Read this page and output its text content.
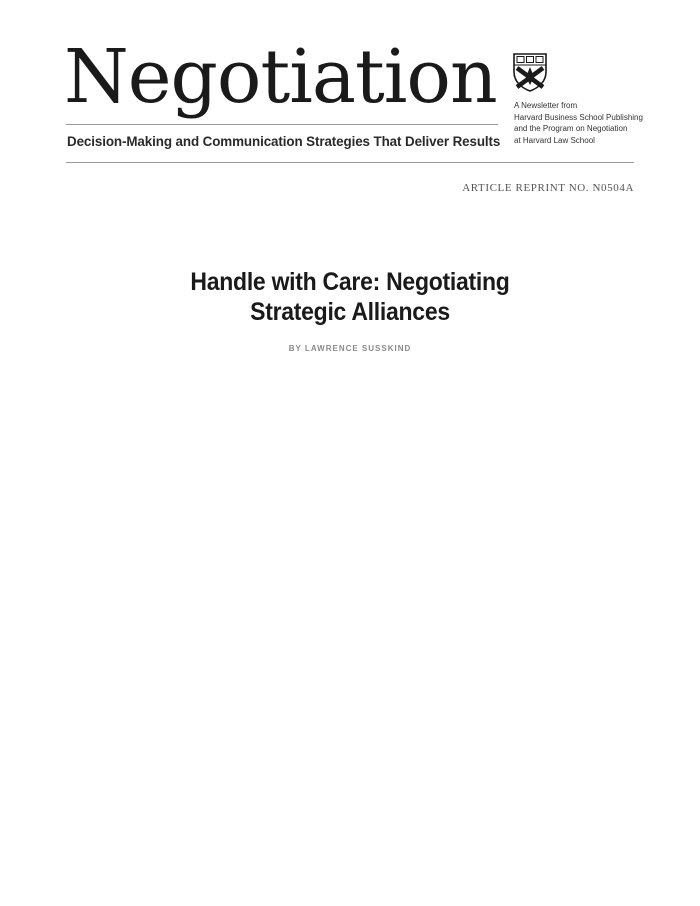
Negotiation
Decision-Making and Communication Strategies That Deliver Results
A Newsletter from
Harvard Business School Publishing
and the Program on Negotiation
at Harvard Law School
ARTICLE REPRINT NO. N0504A
Handle with Care: Negotiating
Strategic Alliances
BY LAWRENCE SUSSKIND
